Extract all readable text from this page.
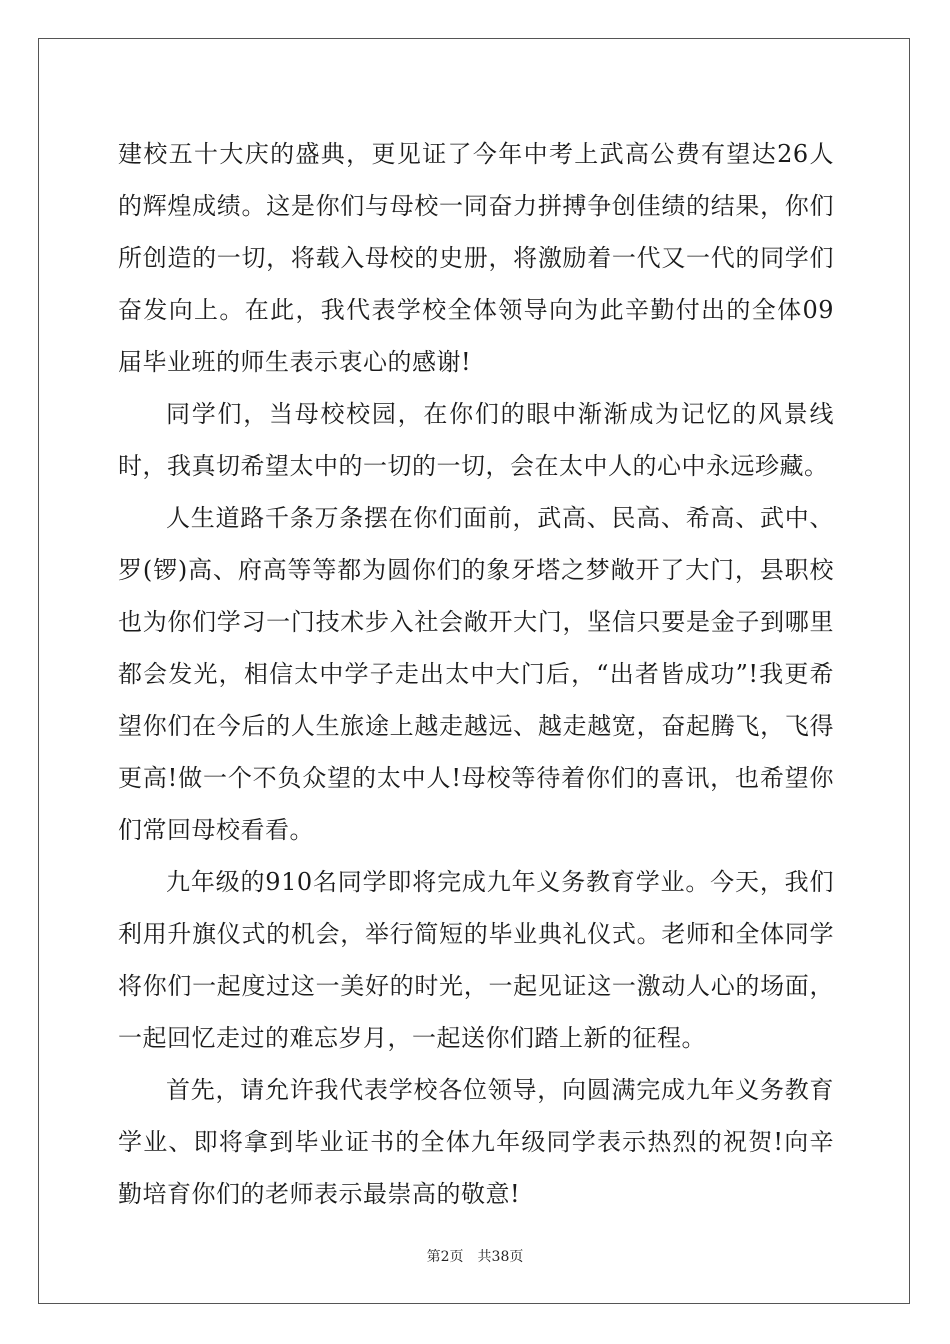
建校五十大庆的盛典，更见证了今年中考上武高公费有望达26人的辉煌成绩。这是你们与母校一同奋力拼搏争创佳绩的结果，你们所创造的一切，将载入母校的史册，将激励着一代又一代的同学们奋发向上。在此，我代表学校全体领导向为此辛勤付出的全体09届毕业班的师生表示衷心的感谢!

同学们，当母校校园，在你们的眼中渐渐成为记忆的风景线时，我真切希望太中的一切的一切，会在太中人的心中永远珍藏。

人生道路千条万条摆在你们面前，武高、民高、希高、武中、罗(锣)高、府高等等都为圆你们的象牙塔之梦敞开了大门，县职校也为你们学习一门技术步入社会敞开大门，坚信只要是金子到哪里都会发光，相信太中学子走出太中大门后，“出者皆成功”!我更希望你们在今后的人生旅途上越走越远、越走越宽，奋起腾飞，飞得更高!做一个不负众望的太中人!母校等待着你们的喜讯，也希望你们常回母校看看。

九年级的910名同学即将完成九年义务教育学业。今天，我们利用升旗仪式的机会，举行简短的毕业典礼仪式。老师和全体同学将你们一起度过这一美好的时光，一起见证这一激动人心的场面，一起回忆走过的难忘岁月，一起送你们踏上新的征程。

首先，请允许我代表学校各位领导，向圆满完成九年义务教育学业、即将拿到毕业证书的全体九年级同学表示热烈的祝贺!向辛勤培育你们的老师表示最崇高的敬意!

第2页 共38页
